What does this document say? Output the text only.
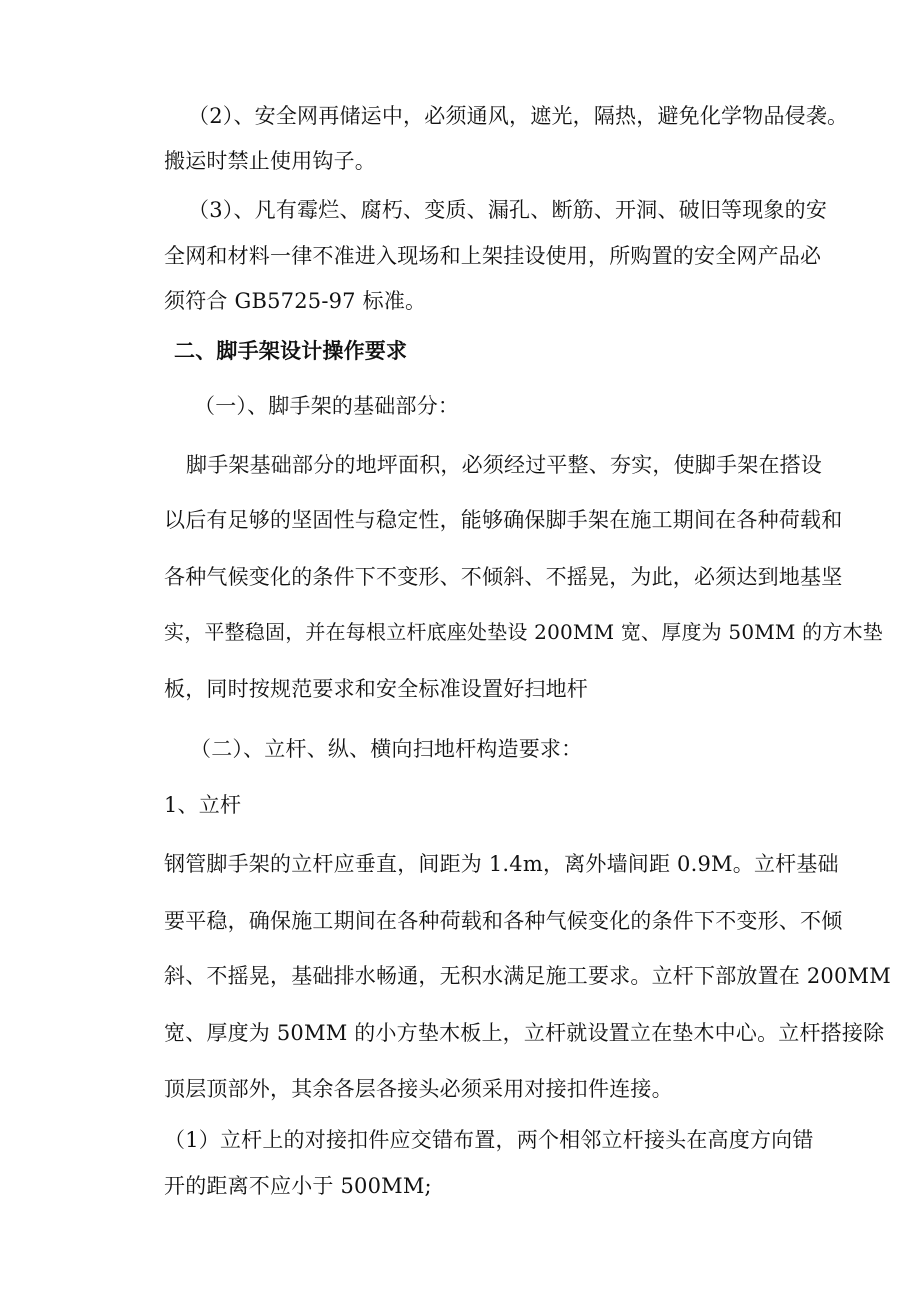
（2）、安全网再储运中，必须通风，遮光，隔热，避免化学物品侵袭。
搬运时禁止使用钩子。
（3）、凡有霉烂、腐朽、变质、漏孔、断筋、开洞、破旧等现象的安
全网和材料一律不准进入现场和上架挂设使用，所购置的安全网产品必
须符合 GB5725-97 标准。
二、脚手架设计操作要求
（一）、脚手架的基础部分：
脚手架基础部分的地坪面积，必须经过平整、夯实，使脚手架在搭设
以后有足够的坚固性与稳定性，能够确保脚手架在施工期间在各种荷载和
各种气候变化的条件下不变形、不倾斜、不摇晃，为此，必须达到地基坚
实，平整稳固，并在每根立杆底座处垫设 200MM 宽、厚度为 50MM 的方木垫
板，同时按规范要求和安全标准设置好扫地杆
（二）、立杆、纵、横向扫地杆构造要求：
1、立杆
钢管脚手架的立杆应垂直，间距为 1.4m，离外墙间距 0.9M。立杆基础
要平稳，确保施工期间在各种荷载和各种气候变化的条件下不变形、不倾
斜、不摇晃，基础排水畅通，无积水满足施工要求。立杆下部放置在 200MM
宽、厚度为 50MM 的小方垫木板上，立杆就设置立在垫木中心。立杆搭接除
顶层顶部外，其余各层各接头必须采用对接扣件连接。
（1）立杆上的对接扣件应交错布置，两个相邻立杆接头在高度方向错
开的距离不应小于 500MM;
